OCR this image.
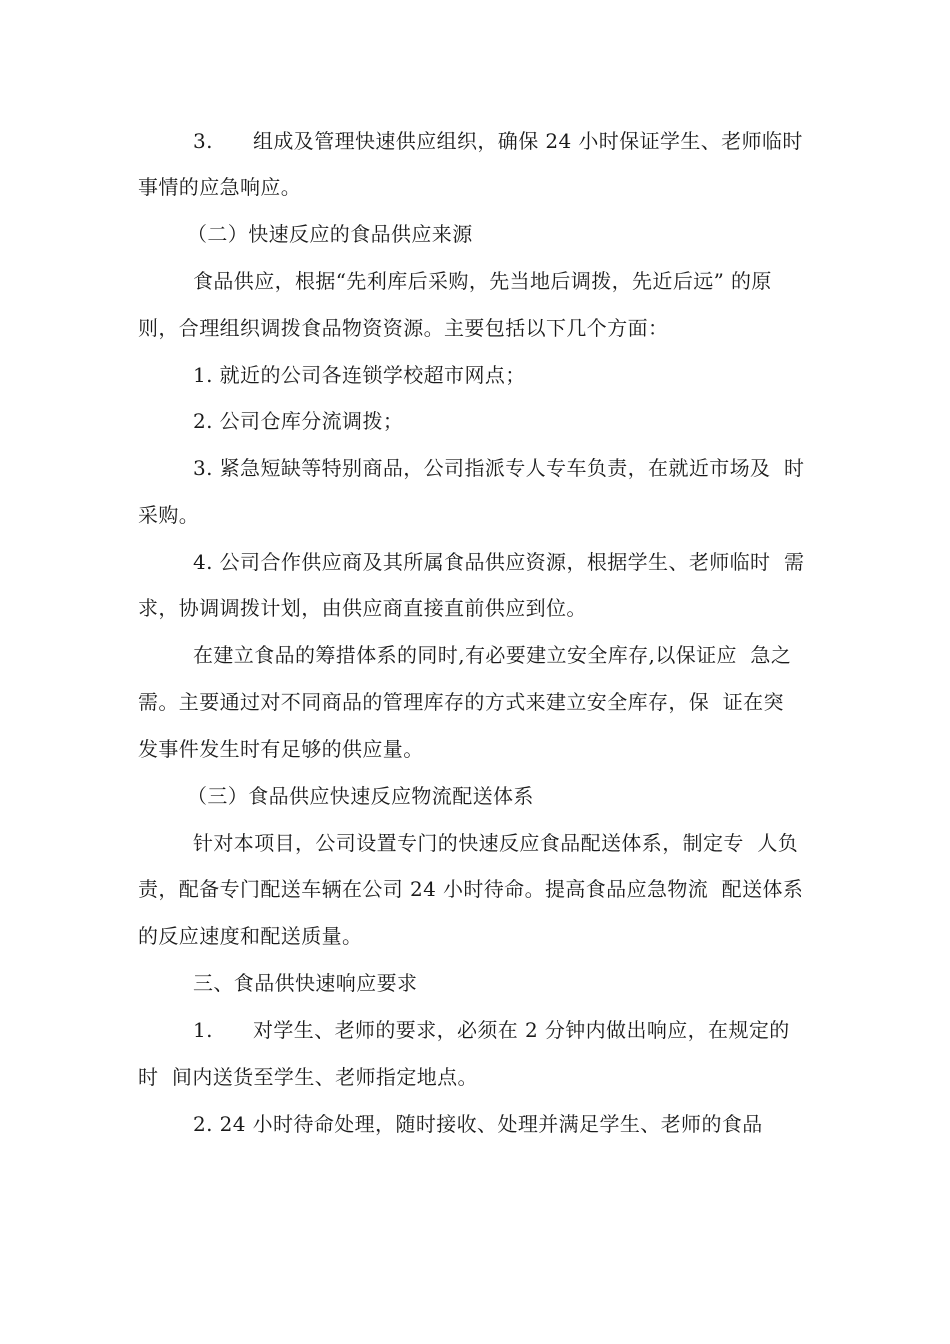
3. 组成及管理快速供应组织，确保 24 小时保证学生、老师临时
事情的应急响应。
（二）快速反应的食品供应来源
食品供应，根据“先利库后采购，先当地后调拨，先近后远” 的原
则，合理组织调拨食品物资资源。主要包括以下几个方面：
1. 就近的公司各连锁学校超市网点；
2. 公司仓库分流调拨；
3. 紧急短缺等特别商品，公司指派专人专车负责，在就近市场及  时
采购。
4. 公司合作供应商及其所属食品供应资源，根据学生、老师临时  需
求，协调调拨计划，由供应商直接直前供应到位。
在建立食品的筹措体系的同时,有必要建立安全库存,以保证应  急之
需。主要通过对不同商品的管理库存的方式来建立安全库存，保  证在突
发事件发生时有足够的供应量。
（三）食品供应快速反应物流配送体系
针对本项目，公司设置专门的快速反应食品配送体系，制定专  人负
责，配备专门配送车辆在公司 24 小时待命。提高食品应急物流  配送体系
的反应速度和配送质量。
三、食品供快速响应要求
1. 对学生、老师的要求，必须在 2 分钟内做出响应，在规定的
时  间内送货至学生、老师指定地点。
2. 24 小时待命处理，随时接收、处理并满足学生、老师的食品
